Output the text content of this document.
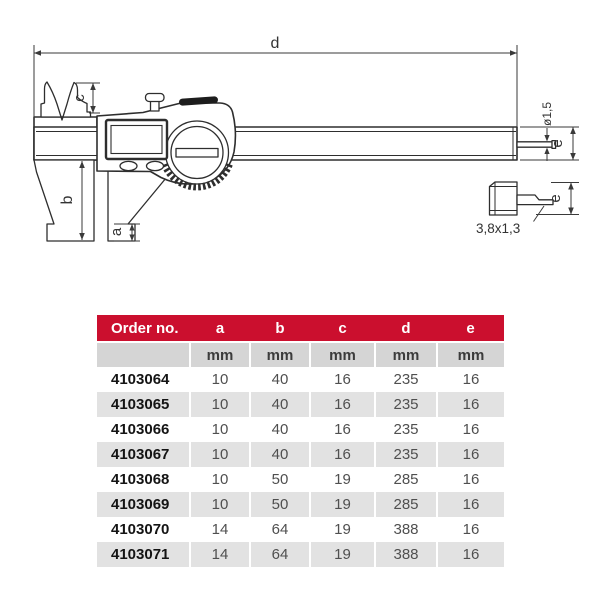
3,8x1,3
d
c
b
a
e
ø1,5
e
Order no.	a	b	c	d	e
	mm	mm	mm	mm	mm
4103064	10	40	16	235	16
4103065	10	40	16	235	16
4103066	10	40	16	235	16
4103067	10	40	16	235	16
4103068	10	50	19	285	16
4103069	10	50	19	285	16
4103070	14	64	19	388	16
4103071	14	64	19	388	16
